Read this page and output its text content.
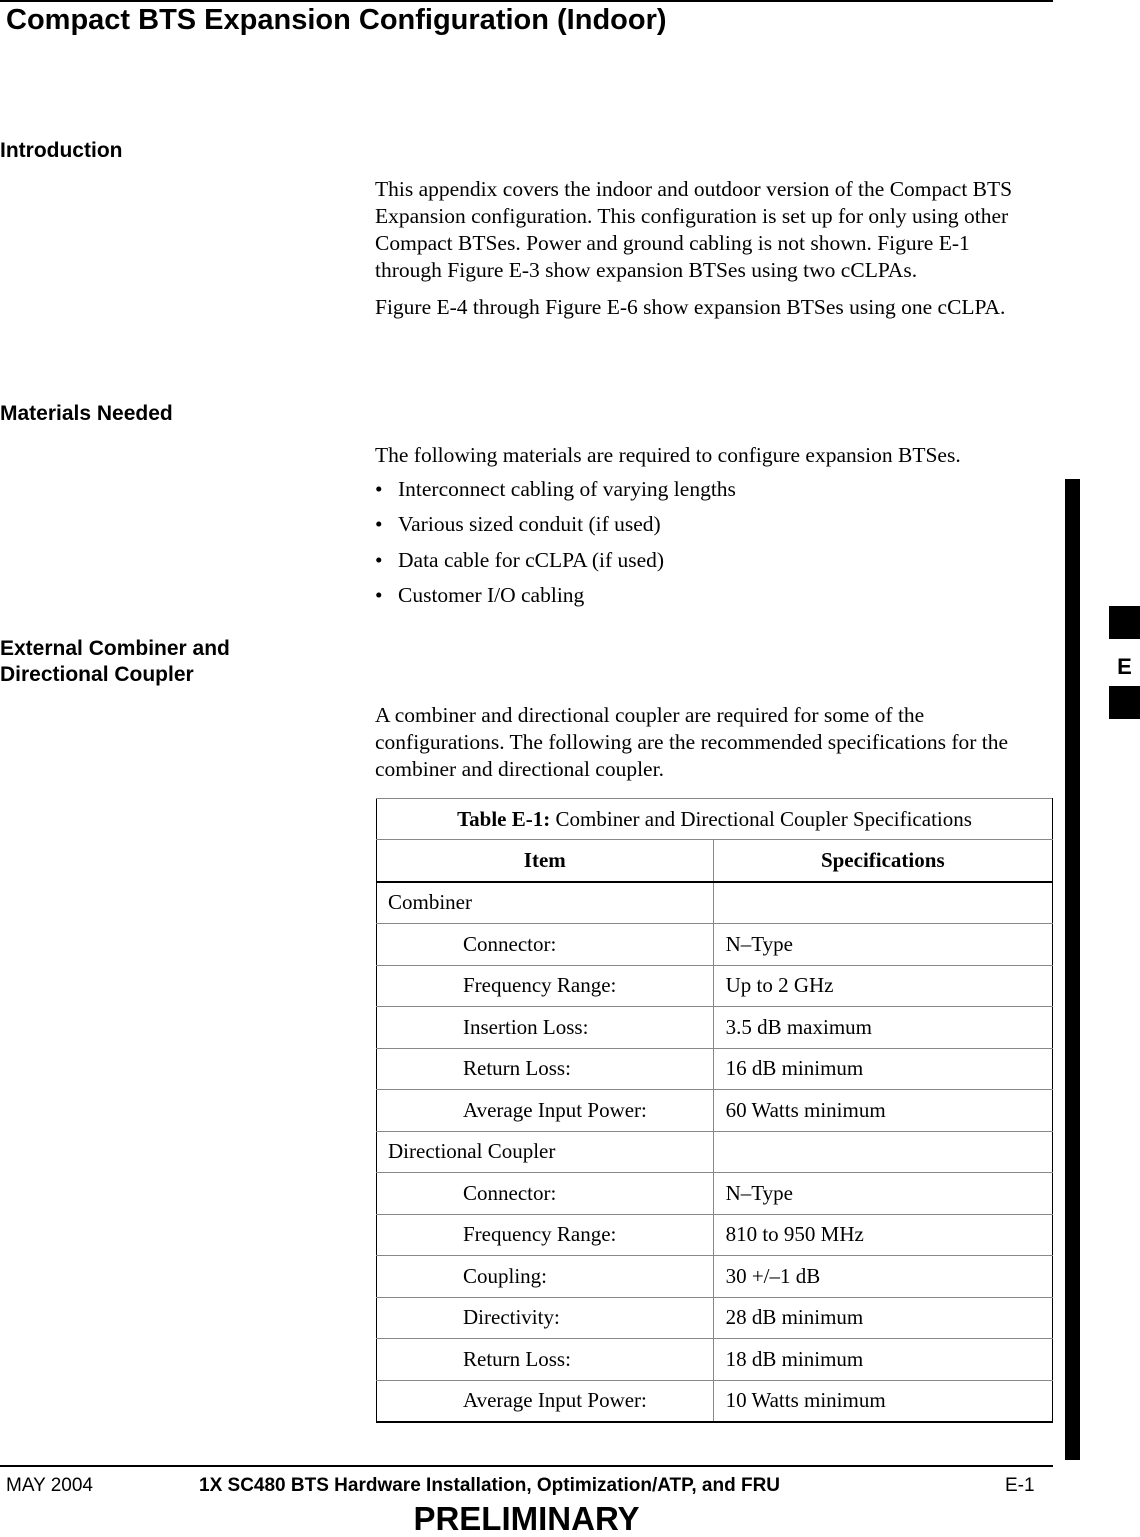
Compact BTS Expansion Configuration (Indoor)
Introduction

This appendix covers the indoor and outdoor version of the Compact BTS Expansion configuration. This configuration is set up for only using other Compact BTSes. Power and ground cabling is not shown. Figure E-1 through Figure E-3 show expansion BTSes using two cCLPAs.

Figure E-4 through Figure E-6 show expansion BTSes using one cCLPA.

Materials Needed
The following materials are required to configure expansion BTSes.
• Interconnect cabling of varying lengths
• Various sized conduit (if used)
• Data cable for cCLPA (if used)
• Customer I/O cabling
External Combiner and
Directional Coupler
A combiner and directional coupler are required for some of the configurations. The following are the recommended specifications for the combiner and directional coupler.
Table E-1: Combiner and Directional Coupler Specifications	
Item	Specifications
Combiner	
Connector:	N–Type
Frequency Range:	Up to 2 GHz
Insertion Loss:	3.5 dB maximum
Return Loss:	16 dB minimum
Average Input Power:	60 Watts minimum
Directional Coupler	
Connector:	N–Type
Frequency Range:	810 to 950 MHz
Coupling:	30 +/–1 dB
Directivity:	28 dB minimum
Return Loss:	18 dB minimum
Average Input Power:	10 Watts minimum
E
MAY 2004	1X SC480 BTS Hardware Installation, Optimization/ATP, and FRU	E-1
PRELIMINARY
